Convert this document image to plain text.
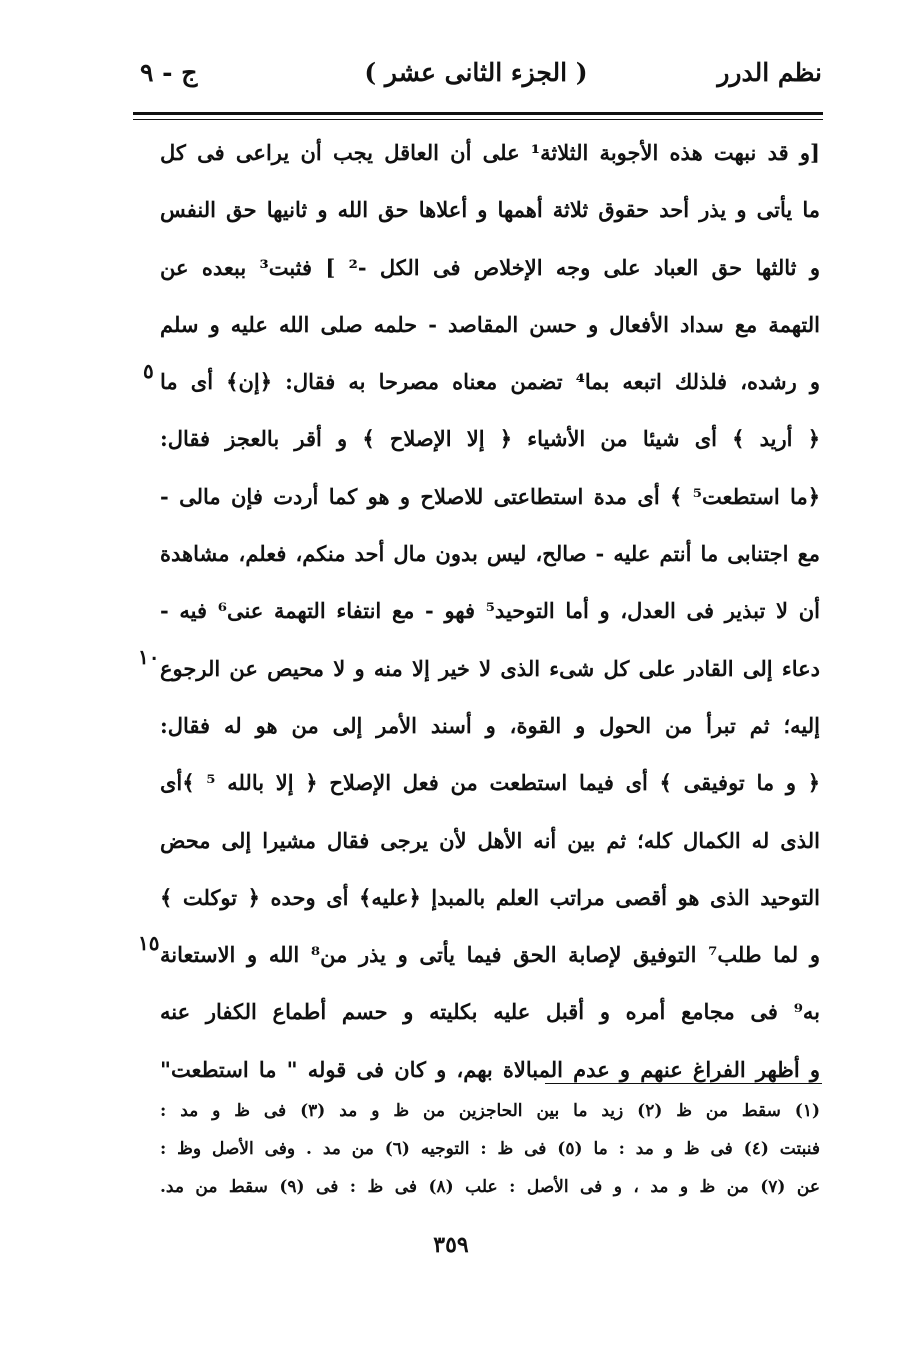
نظم الدرر
( الجزء الثانى عشر )
ج - ٩
[و قد نبهت هذه الأجوبة الثلاثة¹ على أن العاقل يجب أن يراعى فى كل
ما يأتى و يذر أحد حقوق ثلاثة أهمها و أعلاها حق الله و ثانيها حق النفس
و ثالثها حق العباد على وجه الإخلاص فى الكل -² ] فثبت³ ببعده عن
التهمة مع سداد الأفعال و حسن المقاصد - حلمه صلى الله عليه و سلم
و رشده، فلذلك اتبعه بما⁴ تضمن معناه مصرحا به فقال: ﴿إن﴾ أى ما
﴿ أريد ﴾ أى شيئا من الأشياء ﴿ إلا الإصلاح ﴾ و أقر بالعجز فقال:
﴿ما استطعت⁵ ﴾ أى مدة استطاعتى للاصلاح و هو كما أردت فإن مالى -
مع اجتنابى ما أنتم عليه - صالح، ليس بدون مال أحد منكم، فعلم، مشاهدة
أن لا تبذير فى العدل، و أما التوحيد⁵ فهو - مع انتفاء التهمة عنى⁶ فيه -
دعاء إلى القادر على كل شىء الذى لا خير إلا منه و لا محيص عن الرجوع
إليه؛ ثم تبرأ من الحول و القوة، و أسند الأمر إلى من هو له فقال:
﴿ و ما توفيقى ﴾ أى فيما استطعت من فعل الإصلاح ﴿ إلا بالله ⁵ ﴾أى
الذى له الكمال كله؛ ثم بين أنه الأهل لأن يرجى فقال مشيرا إلى محض
التوحيد الذى هو أقصى مراتب العلم بالمبدإ ﴿عليه﴾ أى وحده ﴿ توكلت ﴾
و لما طلب⁷ التوفيق لإصابة الحق فيما يأتى و يذر من⁸ الله و الاستعانة
به⁹ فى مجامع أمره و أقبل عليه بكليته و حسم أطماع الكفار عنه
و أظهر الفراغ عنهم و عدم المبالاة بهم، و كان فى قوله " ما استطعت"
٥
١٠
١٥
(١) سقط من ظ (٢) زيد ما بين الحاجزين من ظ و مد (٣) فى ظ و مد :
فنبتت (٤) فى ظ و مد : ما (٥) فى ظ : التوجيه (٦) من مد . وفى الأصل وظ :
عن (٧) من ظ و مد ، و فى الأصل : علب (٨) فى ظ : فى (٩) سقط من مد.
٣٥٩
